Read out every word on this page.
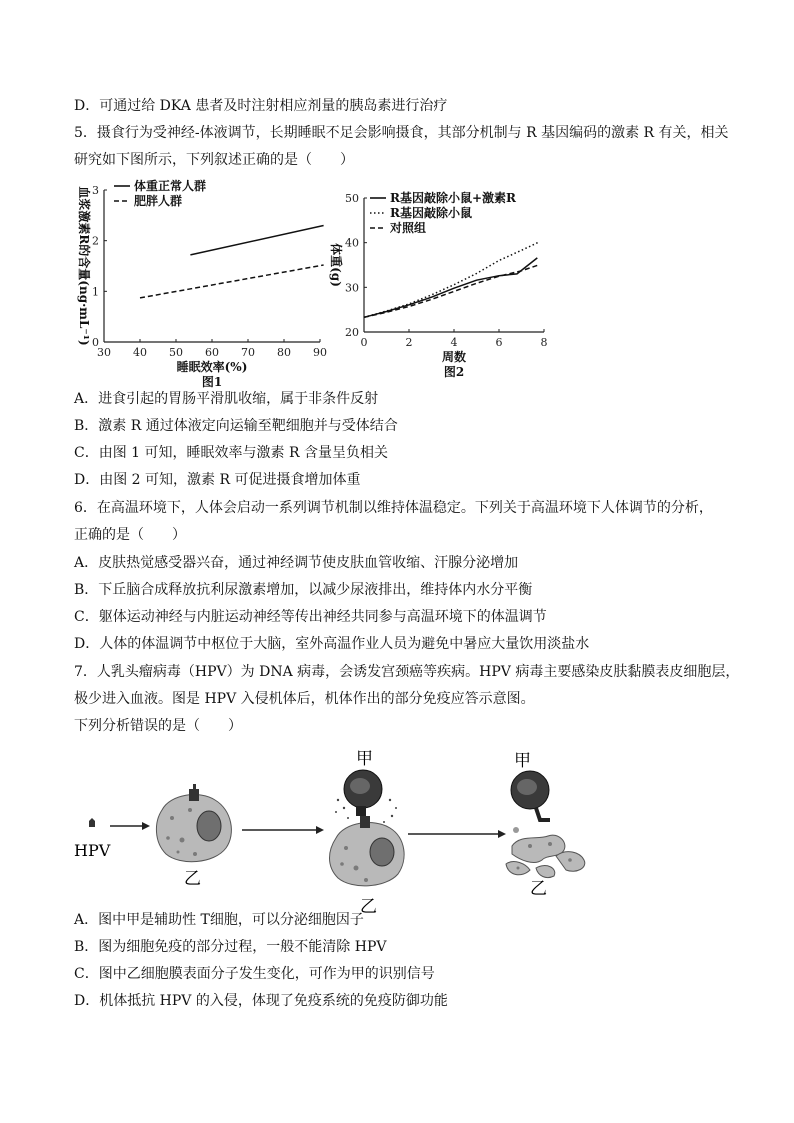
D．可通过给 DKA 患者及时注射相应剂量的胰岛素进行治疗
5．摄食行为受神经-体液调节，长期睡眠不足会影响摄食，其部分机制与 R 基因编码的激素 R 有关，相关
研究如下图所示，下列叙述正确的是（　　）
30 40 50 60 70 80 90
0
1
2
3
睡眠效率(%)
图1
血浆激素R的含量(ng·mL⁻¹)
体重正常人群
肥胖人群
0	2	4	6	8
20
30
40
50
周数
图2
体重(g)
R基因敲除小鼠+激素R
R基因敲除小鼠
对照组
A．进食引起的胃肠平滑肌收缩，属于非条件反射
B．激素 R 通过体液定向运输至靶细胞并与受体结合
C．由图 1 可知，睡眠效率与激素 R 含量呈负相关
D．由图 2 可知，激素 R 可促进摄食增加体重
6．在高温环境下，人体会启动一系列调节机制以维持体温稳定。下列关于高温环境下人体调节的分析，
正确的是（　　）
A．皮肤热觉感受器兴奋，通过神经调节使皮肤血管收缩、汗腺分泌增加
B．下丘脑合成释放抗利尿激素增加，以减少尿液排出，维持体内水分平衡
C．躯体运动神经与内脏运动神经等传出神经共同参与高温环境下的体温调节
D．人体的体温调节中枢位于大脑，室外高温作业人员为避免中暑应大量饮用淡盐水
7．人乳头瘤病毒（HPV）为 DNA 病毒，会诱发宫颈癌等疾病。HPV 病毒主要感染皮肤黏膜表皮细胞层，
极少进入血液。图是 HPV 入侵机体后，机体作出的部分免疫应答示意图。
下列分析错误的是（　　）
HPV
乙
甲
乙
甲
乙
A．图中甲是辅助性 T细胞，可以分泌细胞因子
B．图为细胞免疫的部分过程，一般不能清除 HPV
C．图中乙细胞膜表面分子发生变化，可作为甲的识别信号
D．机体抵抗 HPV 的入侵，体现了免疫系统的免疫防御功能
